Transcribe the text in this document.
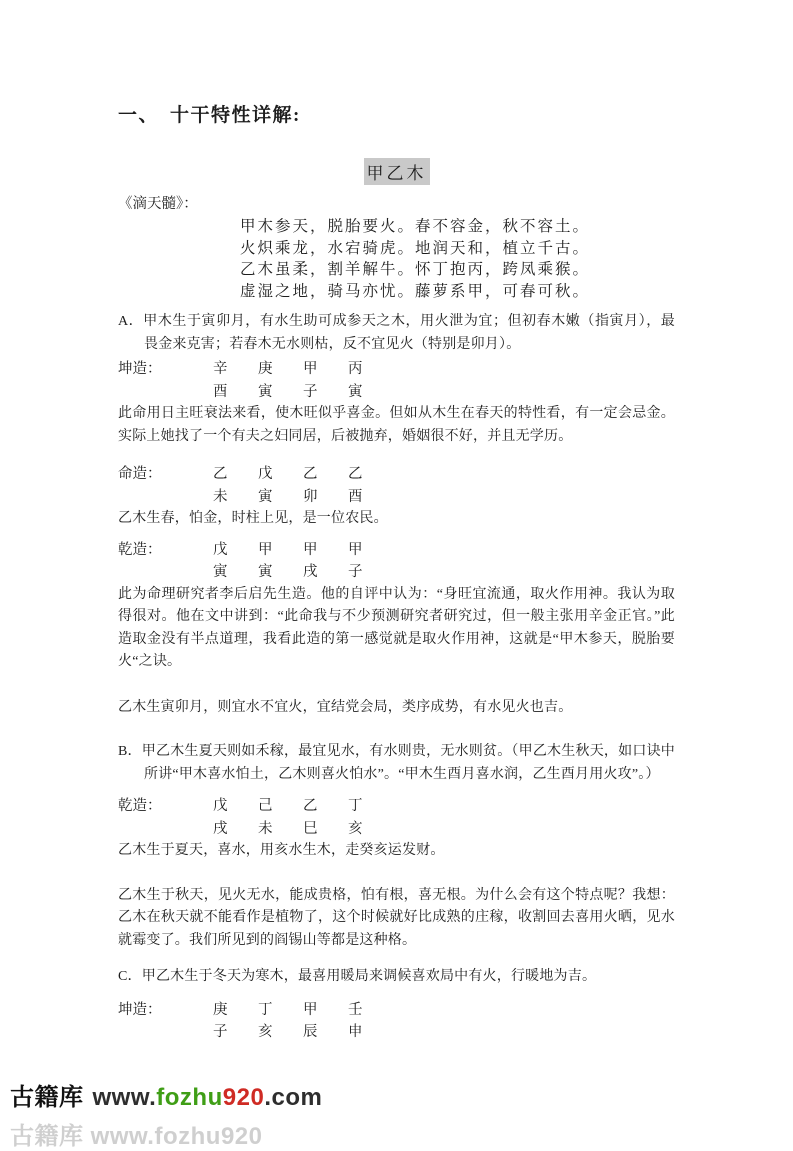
一、　十干特性详解:
甲乙木
《滴天髓》：
甲木参天，脱胎要火。春不容金，秋不容土。
火炽乘龙，水宕骑虎。地润天和，植立千古。
乙木虽柔，割羊解牛。怀丁抱丙，跨凤乘猴。
虚湿之地，骑马亦忧。藤萝系甲，可春可秋。
A．甲木生于寅卯月，有水生助可成参天之木，用火泄为宜；但初春木嫩（指寅月），最畏金来克害；若春木无水则枯，反不宜见火（特别是卯月）。
坤造：	辛	庚	甲	丙
酉	寅	子	寅
此命用日主旺衰法来看，使木旺似乎喜金。但如从木生在春天的特性看，有一定会忌金。实际上她找了一个有夫之妇同居，后被抛弃，婚姻很不好，并且无学历。
命造：	乙	戊	乙	乙
未	寅	卯	酉
乙木生春，怕金，时柱上见，是一位农民。
乾造：	戊	甲	甲	甲
寅	寅	戌	子
此为命理研究者李后启先生造。他的自评中认为：“身旺宜流通，取火作用神。我认为取得很对。他在文中讲到：“此命我与不少预测研究者研究过，但一般主张用辛金正官。”此造取金没有半点道理，我看此造的第一感觉就是取火作用神，这就是“甲木参天，脱胎要火“之诀。
乙木生寅卯月，则宜水不宜火，宜结党会局，类序成势，有水见火也吉。
B．甲乙木生夏天则如禾稼，最宜见水，有水则贵，无水则贫。（甲乙木生秋天，如口诀中所讲“甲木喜水怕土，乙木则喜火怕水”。“甲木生酉月喜水润，乙生酉月用火攻”。）
乾造：	戊	己	乙	丁
戌	未	巳	亥
乙木生于夏天，喜水，用亥水生木，走癸亥运发财。
乙木生于秋天，见火无水，能成贵格，怕有根，喜无根。为什么会有这个特点呢？我想：乙木在秋天就不能看作是植物了，这个时候就好比成熟的庄稼，收割回去喜用火晒，见水就霉变了。我们所见到的阎锡山等都是这种格。
C．甲乙木生于冬天为寒木，最喜用暖局来调候喜欢局中有火，行暖地为吉。
坤造：	庚	丁	甲	壬
子	亥	辰	申
古籍库 www.fozhu920.com
古籍库 www.fozhu920
